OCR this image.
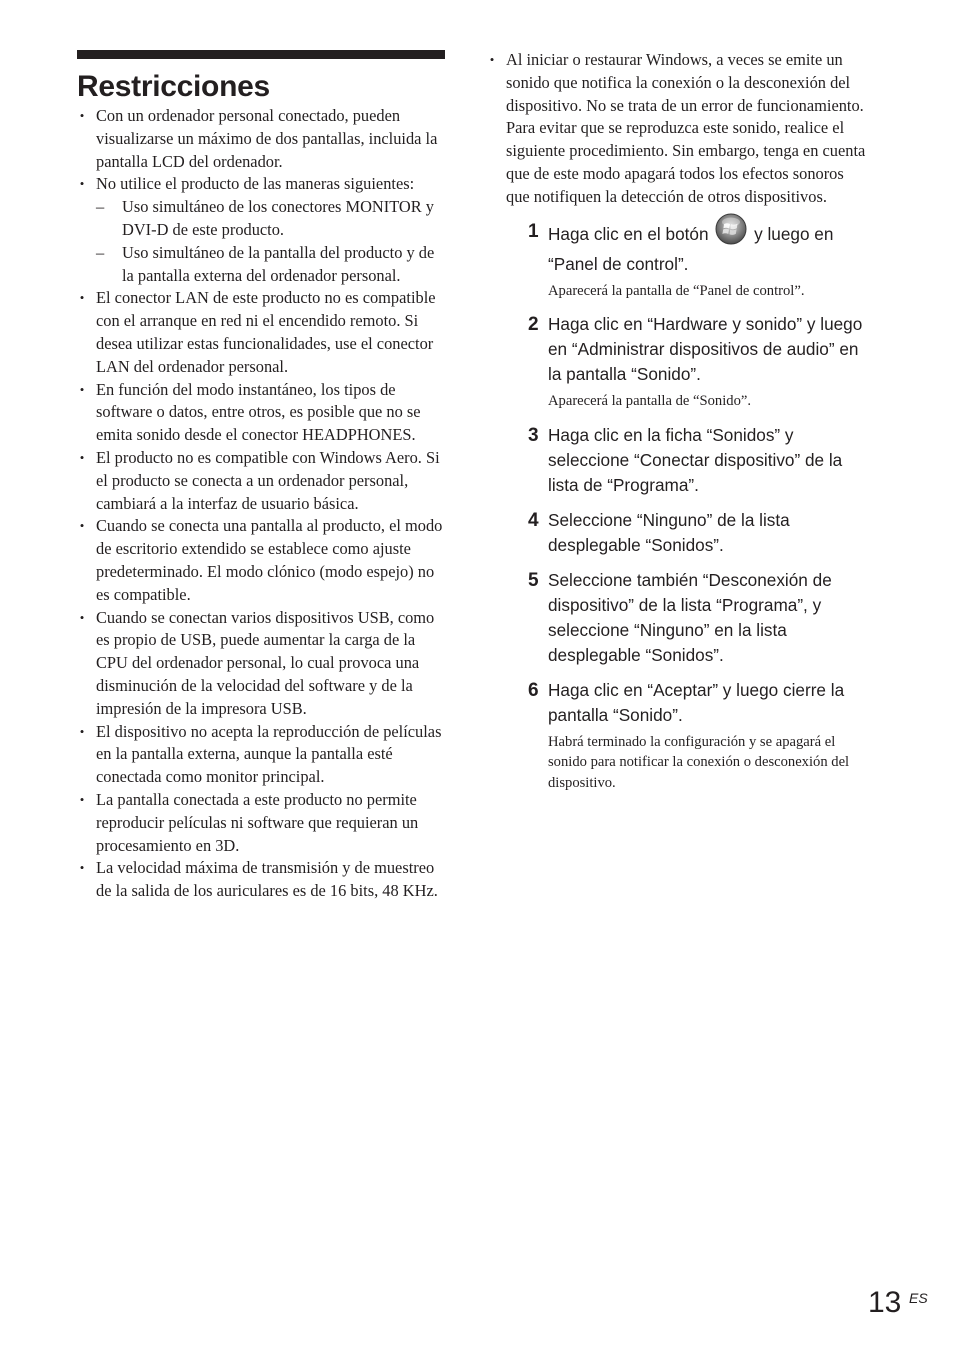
Restricciones
• Con un ordenador personal conectado, pueden visualizarse un máximo de dos pantallas, incluida la pantalla LCD del ordenador.
• No utilice el producto de las maneras siguientes:
– Uso simultáneo de los conectores MONITOR y DVI-D de este producto.
– Uso simultáneo de la pantalla del producto y de la pantalla externa del ordenador personal.
• El conector LAN de este producto no es compatible con el arranque en red ni el encendido remoto. Si desea utilizar estas funcionalidades, use el conector LAN del ordenador personal.
• En función del modo instantáneo, los tipos de software o datos, entre otros, es posible que no se emita sonido desde el conector HEADPHONES.
• El producto no es compatible con Windows Aero. Si el producto se conecta a un ordenador personal, cambiará a la interfaz de usuario básica.
• Cuando se conecta una pantalla al producto, el modo de escritorio extendido se establece como ajuste predeterminado. El modo clónico (modo espejo) no es compatible.
• Cuando se conectan varios dispositivos USB, como es propio de USB, puede aumentar la carga de la CPU del ordenador personal, lo cual provoca una disminución de la velocidad del software y de la impresión de la impresora USB.
• El dispositivo no acepta la reproducción de películas en la pantalla externa, aunque la pantalla esté conectada como monitor principal.
• La pantalla conectada a este producto no permite reproducir películas ni software que requieran un procesamiento en 3D.
• La velocidad máxima de transmisión y de muestreo de la salida de los auriculares es de 16 bits, 48 KHz.
• Al iniciar o restaurar Windows, a veces se emite un sonido que notifica la conexión o la desconexión del dispositivo. No se trata de un error de funcionamiento. Para evitar que se reproduzca este sonido, realice el siguiente procedimiento. Sin embargo, tenga en cuenta que de este modo apagará todos los efectos sonoros que notifiquen la detección de otros dispositivos.
1 Haga clic en el botón	y luego en “Panel de control”.
Aparecerá la pantalla de “Panel de control”.
2 Haga clic en “Hardware y sonido” y luego en “Administrar dispositivos de audio” en la pantalla “Sonido”.
Aparecerá la pantalla de “Sonido”.
3 Haga clic en la ficha “Sonidos” y seleccione “Conectar dispositivo” de la lista de “Programa”.
4 Seleccione “Ninguno” de la lista desplegable “Sonidos”.
5 Seleccione también “Desconexión de dispositivo” de la lista “Programa”, y seleccione “Ninguno” en la lista desplegable “Sonidos”.
6 Haga clic en “Aceptar” y luego cierre la pantalla “Sonido”.
Habrá terminado la configuración y se apagará el sonido para notificar la conexión o desconexión del dispositivo.
13 ES
